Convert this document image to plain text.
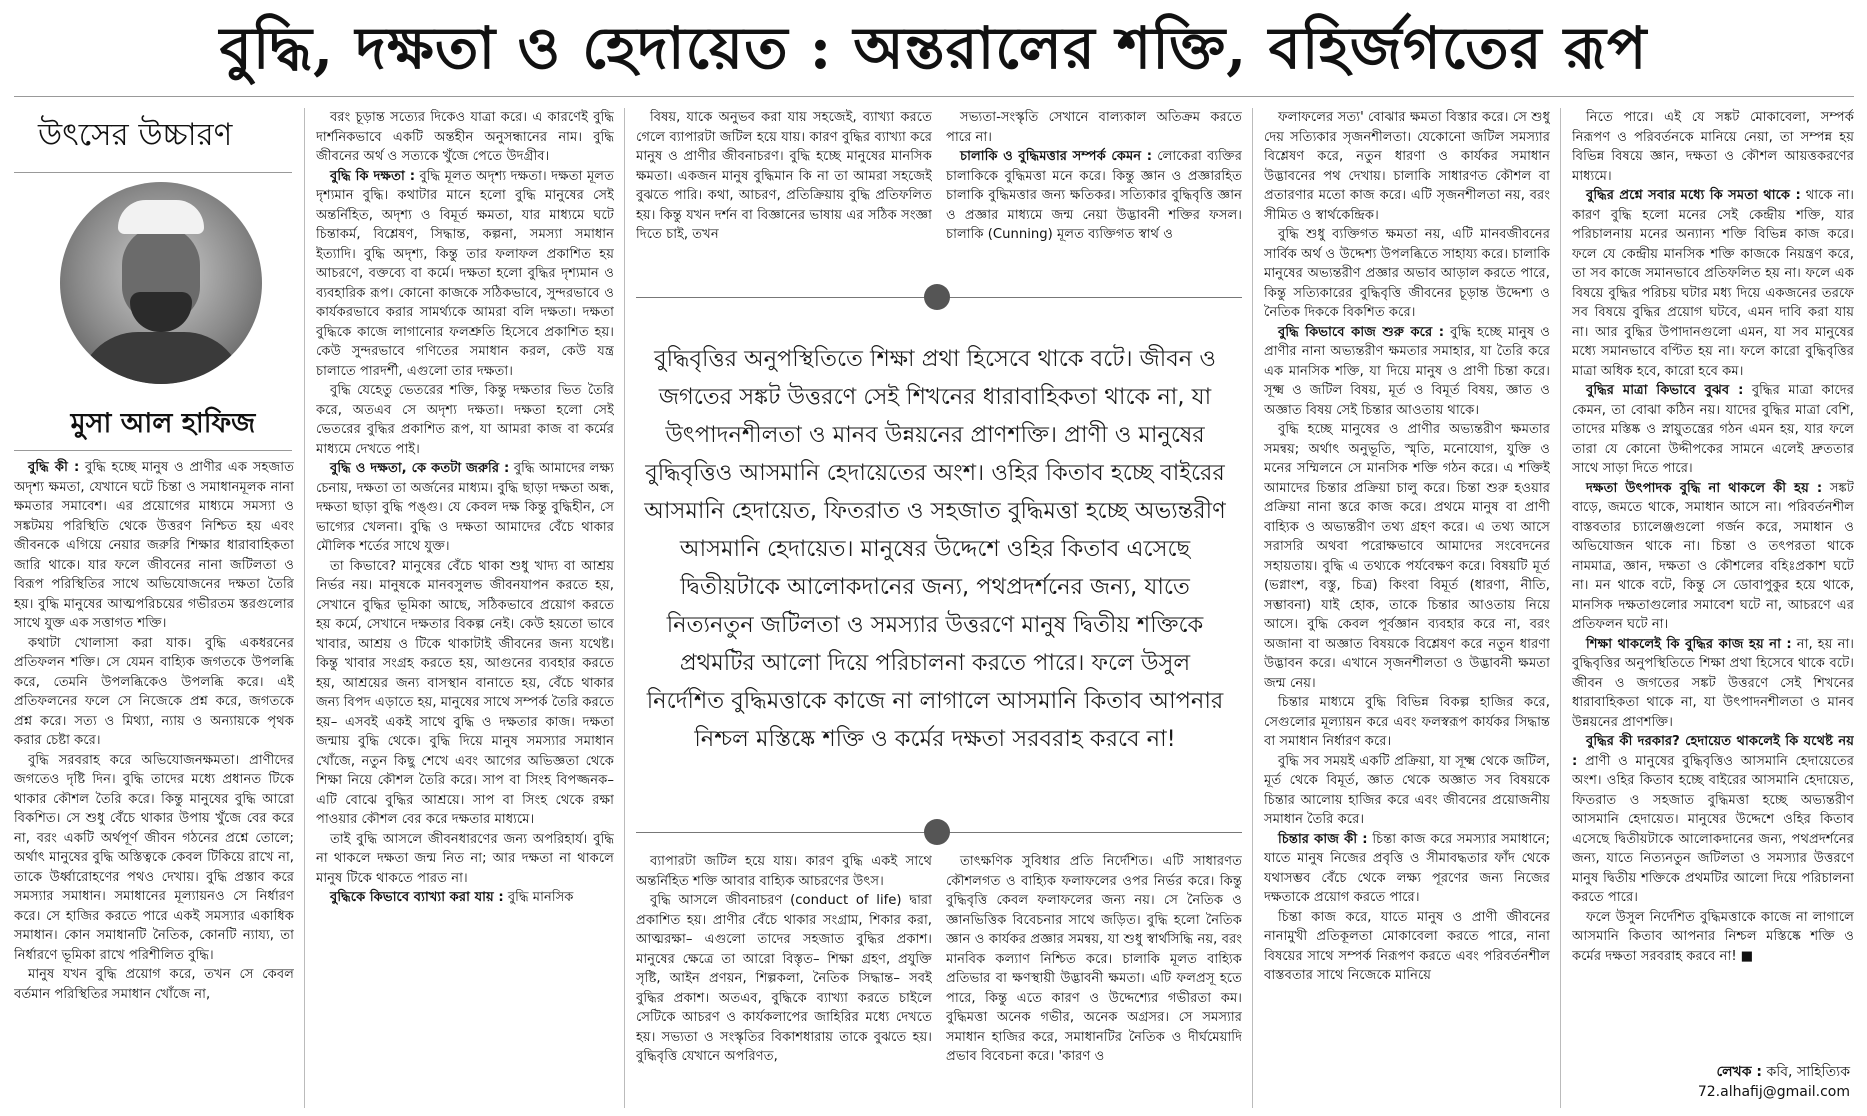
বুদ্ধি, দক্ষতা ও হেদায়েত : অন্তরালের শক্তি, বহির্জগতের রূপ
উৎসের উচ্চারণ
মুসা আল হাফিজ

বুদ্ধি কী : বুদ্ধি হচ্ছে মানুষ ও প্রাণীর এক সহজাত অদৃশ্য ক্ষমতা, যেখানে ঘটে চিন্তা ও সমাধানমূলক নানা ক্ষমতার সমাবেশ। এর প্রয়োগের মাধ্যমে সমস্যা ও সঙ্কটময় পরিস্থিতি থেকে উত্তরণ নিশ্চিত হয় এবং জীবনকে এগিয়ে নেয়ার জরুরি শিক্ষার ধারাবাহিকতা জারি থাকে। যার ফলে জীবনের নানা জটিলতা ও বিরূপ পরিস্থিতির সাথে অভিযোজনের দক্ষতা তৈরি হয়। বুদ্ধি মানুষের আত্মপরিচয়ের গভীরতম স্তরগুলোর সাথে যুক্ত এক সত্তাগত শক্তি।

কথাটা খোলাসা করা যাক। বুদ্ধি একধরনের প্রতিফলন শক্তি। সে যেমন বাহ্যিক জগতকে উপলব্ধি করে, তেমনি উপলব্ধিকেও উপলব্ধি করে। এই প্রতিফলনের ফলে সে নিজেকে প্রশ্ন করে, জগতকে প্রশ্ন করে। সত্য ও মিথ্যা, ন্যায় ও অন্যায়কে পৃথক করার চেষ্টা করে।

বুদ্ধি সরবরাহ করে অভিযোজনক্ষমতা। প্রাণীদের জগতেও দৃষ্টি দিন। বুদ্ধি তাদের মধ্যে প্রধানত টিকে থাকার কৌশল তৈরি করে। কিন্তু মানুষের বুদ্ধি আরো বিকশিত। সে শুধু বেঁচে থাকার উপায় খুঁজে বের করে না, বরং একটি অর্থপূর্ণ জীবন গঠনের প্রশ্নে তোলে; অর্থাৎ মানুষের বুদ্ধি অস্তিত্বকে কেবল টিকিয়ে রাখে না, তাকে উর্ধ্বারোহণের পথও দেখায়। বুদ্ধি প্রস্তাব করে সমস্যার সমাধান। সমাধানের মূল্যায়নও সে নির্ধারণ করে। সে হাজির করতে পারে একই সমস্যার একাধিক সমাধান। কোন সমাধানটি নৈতিক, কোনটি ন্যায্য, তা নির্ধারণে ভূমিকা রাখে পরিশীলিত বুদ্ধি।

মানুষ যখন বুদ্ধি প্রয়োগ করে, তখন সে কেবল বর্তমান পরিস্থিতির সমাধান খোঁজে না,

বরং চূড়ান্ত সত্যের দিকেও যাত্রা করে। এ কারণেই বুদ্ধি দার্শনিকভাবে একটি অন্তহীন অনুসন্ধানের নাম। বুদ্ধি জীবনের অর্থ ও সত্যকে খুঁজে পেতে উদগ্রীব।

বুদ্ধি কি দক্ষতা : বুদ্ধি মূলত অদৃশ্য দক্ষতা। দক্ষতা মূলত দৃশ্যমান বুদ্ধি। কথাটার মানে হলো বুদ্ধি মানুষের সেই অন্তর্নিহিত, অদৃশ্য ও বিমূর্ত ক্ষমতা, যার মাধ্যমে ঘটে চিন্তাকর্ম, বিশ্লেষণ, সিদ্ধান্ত, কল্পনা, সমস্যা সমাধান ইত্যাদি। বুদ্ধি অদৃশ্য, কিন্তু তার ফলাফল প্রকাশিত হয় আচরণে, বক্তব্যে বা কর্মে। দক্ষতা হলো বুদ্ধির দৃশ্যমান ও ব্যবহারিক রূপ। কোনো কাজকে সঠিকভাবে, সুন্দরভাবে ও কার্যকরভাবে করার সামর্থ্যকে আমরা বলি দক্ষতা। দক্ষতা বুদ্ধিকে কাজে লাগানোর ফলশ্রুতি হিসেবে প্রকাশিত হয়। কেউ সুন্দরভাবে গণিতের সমাধান করল, কেউ যন্ত্র চালাতে পারদর্শী, এগুলো তার দক্ষতা।

বুদ্ধি যেহেতু ভেতরের শক্তি, কিন্তু দক্ষতার ভিত তৈরি করে, অতএব সে অদৃশ্য দক্ষতা। দক্ষতা হলো সেই ভেতরের বুদ্ধির প্রকাশিত রূপ, যা আমরা কাজ বা কর্মের মাধ্যমে দেখতে পাই।

বুদ্ধি ও দক্ষতা, কে কতটা জরুরি : বুদ্ধি আমাদের লক্ষ্য চেনায়, দক্ষতা তা অর্জনের মাধ্যম। বুদ্ধি ছাড়া দক্ষতা অন্ধ, দক্ষতা ছাড়া বুদ্ধি পঙ্গু। যে কেবল দক্ষ কিন্তু বুদ্ধিহীন, সে ভাগ্যের খেলনা। বুদ্ধি ও দক্ষতা আমাদের বেঁচে থাকার মৌলিক শর্তের সাথে যুক্ত।

তা কিভাবে? মানুষের বেঁচে থাকা শুধু খাদ্য বা আশ্রয় নির্ভর নয়। মানুষকে মানবসুলভ জীবনযাপন করতে হয়, সেখানে বুদ্ধির ভূমিকা আছে, সঠিকভাবে প্রয়োগ করতে হয় কর্মে, সেখানে দক্ষতার বিকল্প নেই। কেউ হয়তো ভাবে খাবার, আশ্রয় ও টিকে থাকাটাই জীবনের জন্য যথেষ্ট। কিন্তু খাবার সংগ্রহ করতে হয়, আগুনের ব্যবহার করতে হয়, আশ্রয়ের জন্য বাসস্থান বানাতে হয়, বেঁচে থাকার জন্য বিপদ এড়াতে হয়, মানুষের সাথে সম্পর্ক তৈরি করতে হয়– এসবই একই সাথে বুদ্ধি ও দক্ষতার কাজ। দক্ষতা জন্মায় বুদ্ধি থেকে। বুদ্ধি দিয়ে মানুষ সমস্যার সমাধান খোঁজে, নতুন কিছু শেখে এবং আগের অভিজ্ঞতা থেকে শিক্ষা নিয়ে কৌশল তৈরি করে। সাপ বা সিংহ বিপজ্জনক– এটি বোঝে বুদ্ধির আশ্রয়ে। সাপ বা সিংহ থেকে রক্ষা পাওয়ার কৌশল বের করে দক্ষতার মাধ্যমে।

তাই বুদ্ধি আসলে জীবনধারণের জন্য অপরিহার্য। বুদ্ধি না থাকলে দক্ষতা জন্ম নিত না; আর দক্ষতা না থাকলে মানুষ টিকে থাকতে পারত না।

বুদ্ধিকে কিভাবে ব্যাখ্যা করা যায় : বুদ্ধি মানসিক

বিষয়, যাকে অনুভব করা যায় সহজেই, ব্যাখ্যা করতে গেলে ব্যাপারটা জটিল হয়ে যায়। কারণ বুদ্ধির ব্যাখ্যা করে মানুষ ও প্রাণীর জীবনাচরণ। বুদ্ধি হচ্ছে মানুষের মানসিক ক্ষমতা। একজন মানুষ বুদ্ধিমান কি না তা আমরা সহজেই বুঝতে পারি। কথা, আচরণ, প্রতিক্রিয়ায় বুদ্ধি প্রতিফলিত হয়। কিন্তু যখন দর্শন বা বিজ্ঞানের ভাষায় এর সঠিক সংজ্ঞা দিতে চাই, তখন

সভ্যতা-সংস্কৃতি সেখানে বাল্যকাল অতিক্রম করতে পারে না।

চালাকি ও বুদ্ধিমত্তার সম্পর্ক কেমন : লোকেরা ব্যক্তির চালাকিকে বুদ্ধিমত্তা মনে করে। কিন্তু জ্ঞান ও প্রজ্ঞারহিত চালাকি বুদ্ধিমত্তার জন্য ক্ষতিকর। সত্যিকার বুদ্ধিবৃত্তি জ্ঞান ও প্রজ্ঞার মাধ্যমে জন্ম নেয়া উদ্ভাবনী শক্তির ফসল। চালাকি (Cunning) মূলত ব্যক্তিগত স্বার্থ ও

বুদ্ধিবৃত্তির অনুপস্থিতিতে শিক্ষা প্রথা হিসেবে থাকে বটে। জীবন ও জগতের সঙ্কট উত্তরণে সেই শিখনের ধারাবাহিকতা থাকে না, যা উৎপাদনশীলতা ও মানব উন্নয়নের প্রাণশক্তি। প্রাণী ও মানুষের বুদ্ধিবৃত্তিও আসমানি হেদায়েতের অংশ। ওহির কিতাব হচ্ছে বাইরের আসমানি হেদায়েত, ফিতরাত ও সহজাত বুদ্ধিমত্তা হচ্ছে অভ্যন্তরীণ আসমানি হেদায়েত। মানুষের উদ্দেশে ওহির কিতাব এসেছে দ্বিতীয়টাকে আলোকদানের জন্য, পথপ্রদর্শনের জন্য, যাতে নিত্যনতুন জটিলতা ও সমস্যার উত্তরণে মানুষ দ্বিতীয় শক্তিকে প্রথমটির আলো দিয়ে পরিচালনা করতে পারে। ফলে উসুল নির্দেশিত বুদ্ধিমত্তাকে কাজে না লাগালে আসমানি কিতাব আপনার নিশ্চল মস্তিষ্কে শক্তি ও কর্মের দক্ষতা সরবরাহ করবে না!

ব্যাপারটা জটিল হয়ে যায়। কারণ বুদ্ধি একই সাথে অন্তর্নিহিত শক্তি আবার বাহ্যিক আচরণের উৎস।

বুদ্ধি আসলে জীবনাচরণ (conduct of life) দ্বারা প্রকাশিত হয়। প্রাণীর বেঁচে থাকার সংগ্রাম, শিকার করা, আত্মরক্ষা– এগুলো তাদের সহজাত বুদ্ধির প্রকাশ। মানুষের ক্ষেত্রে তা আরো বিস্তৃত– শিক্ষা গ্রহণ, প্রযুক্তি সৃষ্টি, আইন প্রণয়ন, শিল্পকলা, নৈতিক সিদ্ধান্ত– সবই বুদ্ধির প্রকাশ। অতএব, বুদ্ধিকে ব্যাখ্যা করতে চাইলে সেটিকে আচরণ ও কার্যকলাপের জাহিরির মধ্যে দেখতে হয়। সভ্যতা ও সংস্কৃতির বিকাশধারায় তাকে বুঝতে হয়। বুদ্ধিবৃত্তি যেখানে অপরিণত,

তাৎক্ষণিক সুবিধার প্রতি নির্দেশিত। এটি সাধারণত কৌশলগত ও বাহ্যিক ফলাফলের ওপর নির্ভর করে। কিন্তু বুদ্ধিবৃত্তি কেবল ফলাফলের জন্য নয়। সে নৈতিক ও জ্ঞানভিত্তিক বিবেচনার সাথে জড়িত। বুদ্ধি হলো নৈতিক জ্ঞান ও কার্যকর প্রজ্ঞার সমন্বয়, যা শুধু স্বার্থসিদ্ধি নয়, বরং মানবিক কল্যাণ নিশ্চিত করে। চালাকি মূলত বাহ্যিক প্রতিভার বা ক্ষণস্থায়ী উদ্ভাবনী ক্ষমতা। এটি ফলপ্রসূ হতে পারে, কিন্তু এতে কারণ ও উদ্দেশ্যের গভীরতা কম। বুদ্ধিমত্তা অনেক গভীর, অনেক অগ্রসর। সে সমস্যার সমাধান হাজির করে, সমাধানটির নৈতিক ও দীর্ঘমেয়াদি প্রভাব বিবেচনা করে। 'কারণ ও

ফলাফলের সত্য' বোঝার ক্ষমতা বিস্তার করে। সে শুধু দেয় সত্যিকার সৃজনশীলতা। যেকোনো জটিল সমস্যার বিশ্লেষণ করে, নতুন ধারণা ও কার্যকর সমাধান উদ্ভাবনের পথ দেখায়। চালাকি সাধারণত কৌশল বা প্রতারণার মতো কাজ করে। এটি সৃজনশীলতা নয়, বরং সীমিত ও স্বার্থকেন্দ্রিক।

বুদ্ধি শুধু ব্যক্তিগত ক্ষমতা নয়, এটি মানবজীবনের সার্বিক অর্থ ও উদ্দেশ্য উপলব্ধিতে সাহায্য করে। চালাকি মানুষের অভ্যন্তরীণ প্রজ্ঞার অভাব আড়াল করতে পারে, কিন্তু সত্যিকারের বুদ্ধিবৃত্তি জীবনের চূড়ান্ত উদ্দেশ্য ও নৈতিক দিককে বিকশিত করে।

বুদ্ধি কিভাবে কাজ শুরু করে : বুদ্ধি হচ্ছে মানুষ ও প্রাণীর নানা অভ্যন্তরীণ ক্ষমতার সমাহার, যা তৈরি করে এক মানসিক শক্তি, যা দিয়ে মানুষ ও প্রাণী চিন্তা করে। সূক্ষ্ম ও জটিল বিষয়, মূর্ত ও বিমূর্ত বিষয়, জ্ঞাত ও অজ্ঞাত বিষয় সেই চিন্তার আওতায় থাকে।

বুদ্ধি হচ্ছে মানুষের ও প্রাণীর অভ্যন্তরীণ ক্ষমতার সমন্বয়; অর্থাৎ অনুভূতি, স্মৃতি, মনোযোগ, যুক্তি ও মনের সম্মিলনে সে মানসিক শক্তি গঠন করে। এ শক্তিই আমাদের চিন্তার প্রক্রিয়া চালু করে। চিন্তা শুরু হওয়ার প্রক্রিয়া নানা স্তরে কাজ করে। প্রথমে মানুষ বা প্রাণী বাহ্যিক ও অভ্যন্তরীণ তথ্য গ্রহণ করে। এ তথ্য আসে সরাসরি অথবা পরোক্ষভাবে আমাদের সংবেদনের সহায়তায়। বুদ্ধি এ তথ্যকে পর্যবেক্ষণ করে। বিষয়টি মূর্ত (ভগ্নাংশ, বস্তু, চিত্র) কিংবা বিমূর্ত (ধারণা, নীতি, সম্ভাবনা) যাই হোক, তাকে চিন্তার আওতায় নিয়ে আসে। বুদ্ধি কেবল পূর্বজ্ঞান ব্যবহার করে না, বরং অজানা বা অজ্ঞাত বিষয়কে বিশ্লেষণ করে নতুন ধারণা উদ্ভাবন করে। এখানে সৃজনশীলতা ও উদ্ভাবনী ক্ষমতা জন্ম নেয়।

চিন্তার মাধ্যমে বুদ্ধি বিভিন্ন বিকল্প হাজির করে, সেগুলোর মূল্যায়ন করে এবং ফলস্বরূপ কার্যকর সিদ্ধান্ত বা সমাধান নির্ধারণ করে।

বুদ্ধি সব সময়ই একটি প্রক্রিয়া, যা সূক্ষ্ম থেকে জটিল, মূর্ত থেকে বিমূর্ত, জ্ঞাত থেকে অজ্ঞাত সব বিষয়কে চিন্তার আলোয় হাজির করে এবং জীবনের প্রয়োজনীয় সমাধান তৈরি করে।

চিন্তার কাজ কী : চিন্তা কাজ করে সমস্যার সমাধানে; যাতে মানুষ নিজের প্রবৃত্তি ও সীমাবদ্ধতার ফাঁদ থেকে যথাসম্ভব বেঁচে থেকে লক্ষ্য পূরণের জন্য নিজের দক্ষতাকে প্রয়োগ করতে পারে।

চিন্তা কাজ করে, যাতে মানুষ ও প্রাণী জীবনের নানামুখী প্রতিকূলতা মোকাবেলা করতে পারে, নানা বিষয়ের সাথে সম্পর্ক নিরূপণ করতে এবং পরিবর্তনশীল বাস্তবতার সাথে নিজেকে মানিয়ে

নিতে পারে। এই যে সঙ্কট মোকাবেলা, সম্পর্ক নিরূপণ ও পরিবর্তনকে মানিয়ে নেয়া, তা সম্পন্ন হয় বিভিন্ন বিষয়ে জ্ঞান, দক্ষতা ও কৌশল আয়ত্তকরণের মাধ্যমে।

বুদ্ধির প্রশ্নে সবার মধ্যে কি সমতা থাকে : থাকে না। কারণ বুদ্ধি হলো মনের সেই কেন্দ্রীয় শক্তি, যার পরিচালনায় মনের অন্যান্য শক্তি বিভিন্ন কাজ করে। ফলে যে কেন্দ্রীয় মানসিক শক্তি কাজকে নিয়ন্ত্রণ করে, তা সব কাজে সমানভাবে প্রতিফলিত হয় না। ফলে এক বিষয়ে বুদ্ধির পরিচয় ঘটার মধ্য দিয়ে একজনের তরফে সব বিষয়ে বুদ্ধির প্রয়োগ ঘটবে, এমন দাবি করা যায় না। আর বুদ্ধির উপাদানগুলো এমন, যা সব মানুষের মধ্যে সমানভাবে বণ্টিত হয় না। ফলে কারো বুদ্ধিবৃত্তির মাত্রা অধিক হবে, কারো হবে কম।

বুদ্ধির মাত্রা কিভাবে বুঝব : বুদ্ধির মাত্রা কাদের কেমন, তা বোঝা কঠিন নয়। যাদের বুদ্ধির মাত্রা বেশি, তাদের মস্তিষ্ক ও স্নায়ুতন্ত্রের গঠন এমন হয়, যার ফলে তারা যে কোনো উদ্দীপকের সামনে এলেই দ্রুততার সাথে সাড়া দিতে পারে।

দক্ষতা উৎপাদক বুদ্ধি না থাকলে কী হয় : সঙ্কট বাড়ে, জমতে থাকে, সমাধান আসে না। পরিবর্তনশীল বাস্তবতার চ্যালেঞ্জগুলো গর্জন করে, সমাধান ও অভিযোজন থাকে না। চিন্তা ও তৎপরতা থাকে নামমাত্র, জ্ঞান, দক্ষতা ও কৌশলের বহিঃপ্রকাশ ঘটে না। মন থাকে বটে, কিন্তু সে ডোবাপুকুর হয়ে থাকে, মানসিক দক্ষতাগুলোর সমাবেশ ঘটে না, আচরণে এর প্রতিফলন ঘটে না।

শিক্ষা থাকলেই কি বুদ্ধির কাজ হয় না : না, হয় না। বুদ্ধিবৃত্তির অনুপস্থিতিতে শিক্ষা প্রথা হিসেবে থাকে বটে। জীবন ও জগতের সঙ্কট উত্তরণে সেই শিখনের ধারাবাহিকতা থাকে না, যা উৎপাদনশীলতা ও মানব উন্নয়নের প্রাণশক্তি।

বুদ্ধির কী দরকার? হেদায়েত থাকলেই কি যথেষ্ট নয় : প্রাণী ও মানুষের বুদ্ধিবৃত্তিও আসমানি হেদায়েতের অংশ। ওহির কিতাব হচ্ছে বাইরের আসমানি হেদায়েত, ফিতরাত ও সহজাত বুদ্ধিমত্তা হচ্ছে অভ্যন্তরীণ আসমানি হেদায়েত। মানুষের উদ্দেশে ওহির কিতাব এসেছে দ্বিতীয়টাকে আলোকদানের জন্য, পথপ্রদর্শনের জন্য, যাতে নিত্যনতুন জটিলতা ও সমস্যার উত্তরণে মানুষ দ্বিতীয় শক্তিকে প্রথমটির আলো দিয়ে পরিচালনা করতে পারে।

ফলে উসুল নির্দেশিত বুদ্ধিমত্তাকে কাজে না লাগালে আসমানি কিতাব আপনার নিশ্চল মস্তিষ্কে শক্তি ও কর্মের দক্ষতা সরবরাহ করবে না! ■

লেখক : কবি, সাহিত্যিক
72.alhafij@gmail.com
